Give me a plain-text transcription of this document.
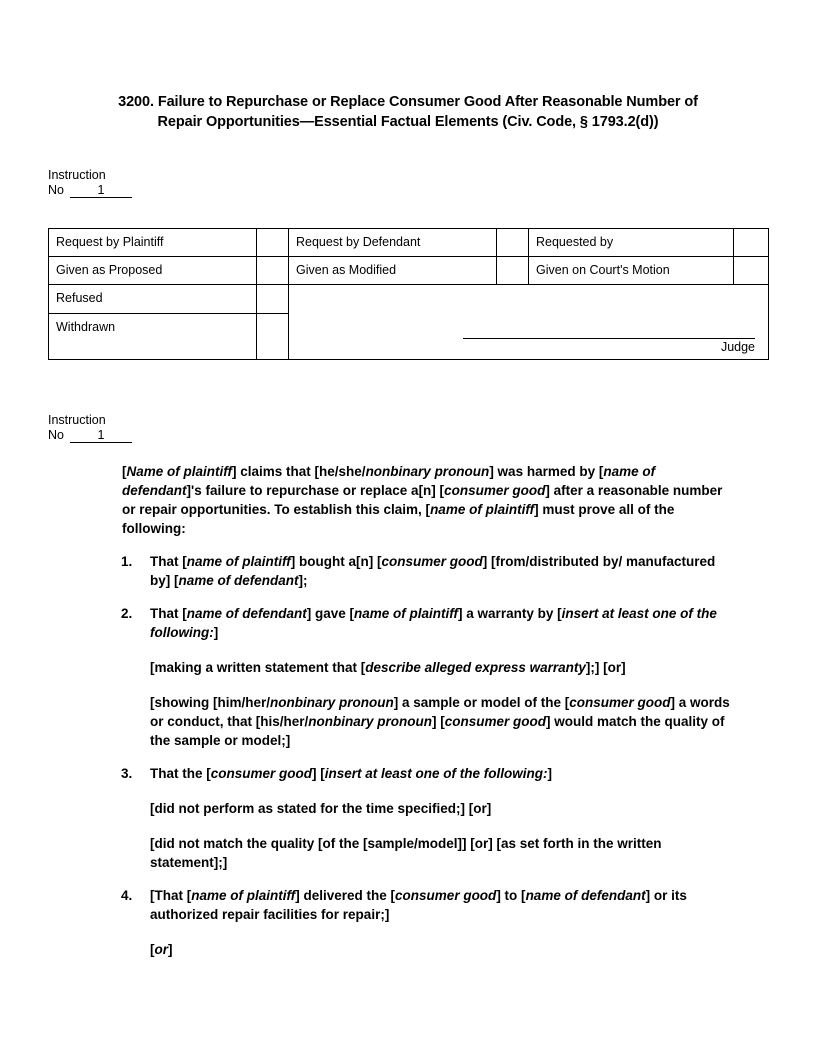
3200. Failure to Repurchase or Replace Consumer Good After Reasonable Number of Repair Opportunities—Essential Factual Elements (Civ. Code, § 1793.2(d))
Instruction
No	1
Request by Plaintiff		Request by Defendant		Requested by	
Given as Proposed		Given as Modified		Given on Court's Motion	
Refused		Judge			

Withdrawn					
Instruction
No	1

[Name of plaintiff] claims that [he/she/nonbinary pronoun] was harmed by [name of defendant]'s failure to repurchase or replace a[n] [consumer good] after a reasonable number or repair opportunities. To establish this claim, [name of plaintiff] must prove all of the following:

1.	That [name of plaintiff] bought a[n] [consumer good] [from/distributed by/ manufactured by] [name of defendant];
2.	That [name of defendant] gave [name of plaintiff] a warranty by [insert at least one of the following:]

[making a written statement that [describe alleged express warranty];] [or]

[showing [him/her/nonbinary pronoun] a sample or model of the [consumer good] a words or conduct, that [his/her/nonbinary pronoun] [consumer good] would match the quality of the sample or model;]

3.	That the [consumer good] [insert at least one of the following:]

[did not perform as stated for the time specified;] [or]

[did not match the quality [of the [sample/model]] [or] [as set forth in the written statement];]

4.	[That [name of plaintiff] delivered the [consumer good] to [name of defendant] or its authorized repair facilities for repair;]

[or]
